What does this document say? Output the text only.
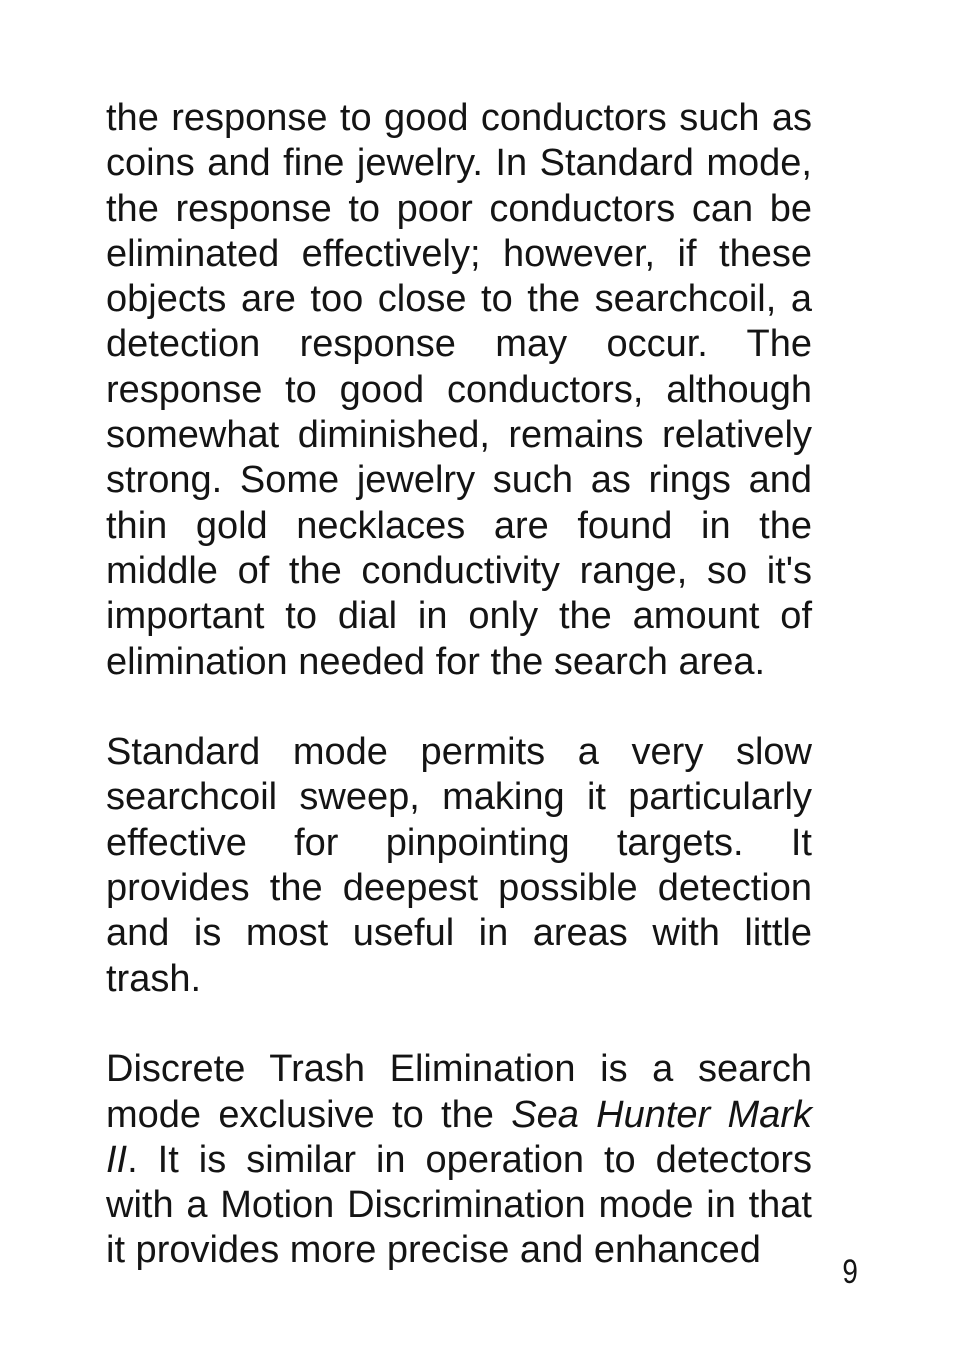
the response to good conductors such as coins and fine jewelry. In Standard mode, the response to poor conductors can be eliminated effectively; however, if these objects are too close to the searchcoil, a detection response may occur. The response to good conductors, although somewhat diminished, remains relatively strong. Some jewelry such as rings and thin gold necklaces are found in the middle of the conductivity range, so it's important to dial in only the amount of elimination needed for the search area.

Standard mode permits a very slow searchcoil sweep, making it particularly effective for pinpointing targets. It provides the deepest possible detection and is most useful in areas with little trash.

Discrete Trash Elimination is a search mode exclusive to the Sea Hunter Mark II. It is similar in operation to detectors with a Motion Discrimination mode in that it provides more precise and enhanced

9
